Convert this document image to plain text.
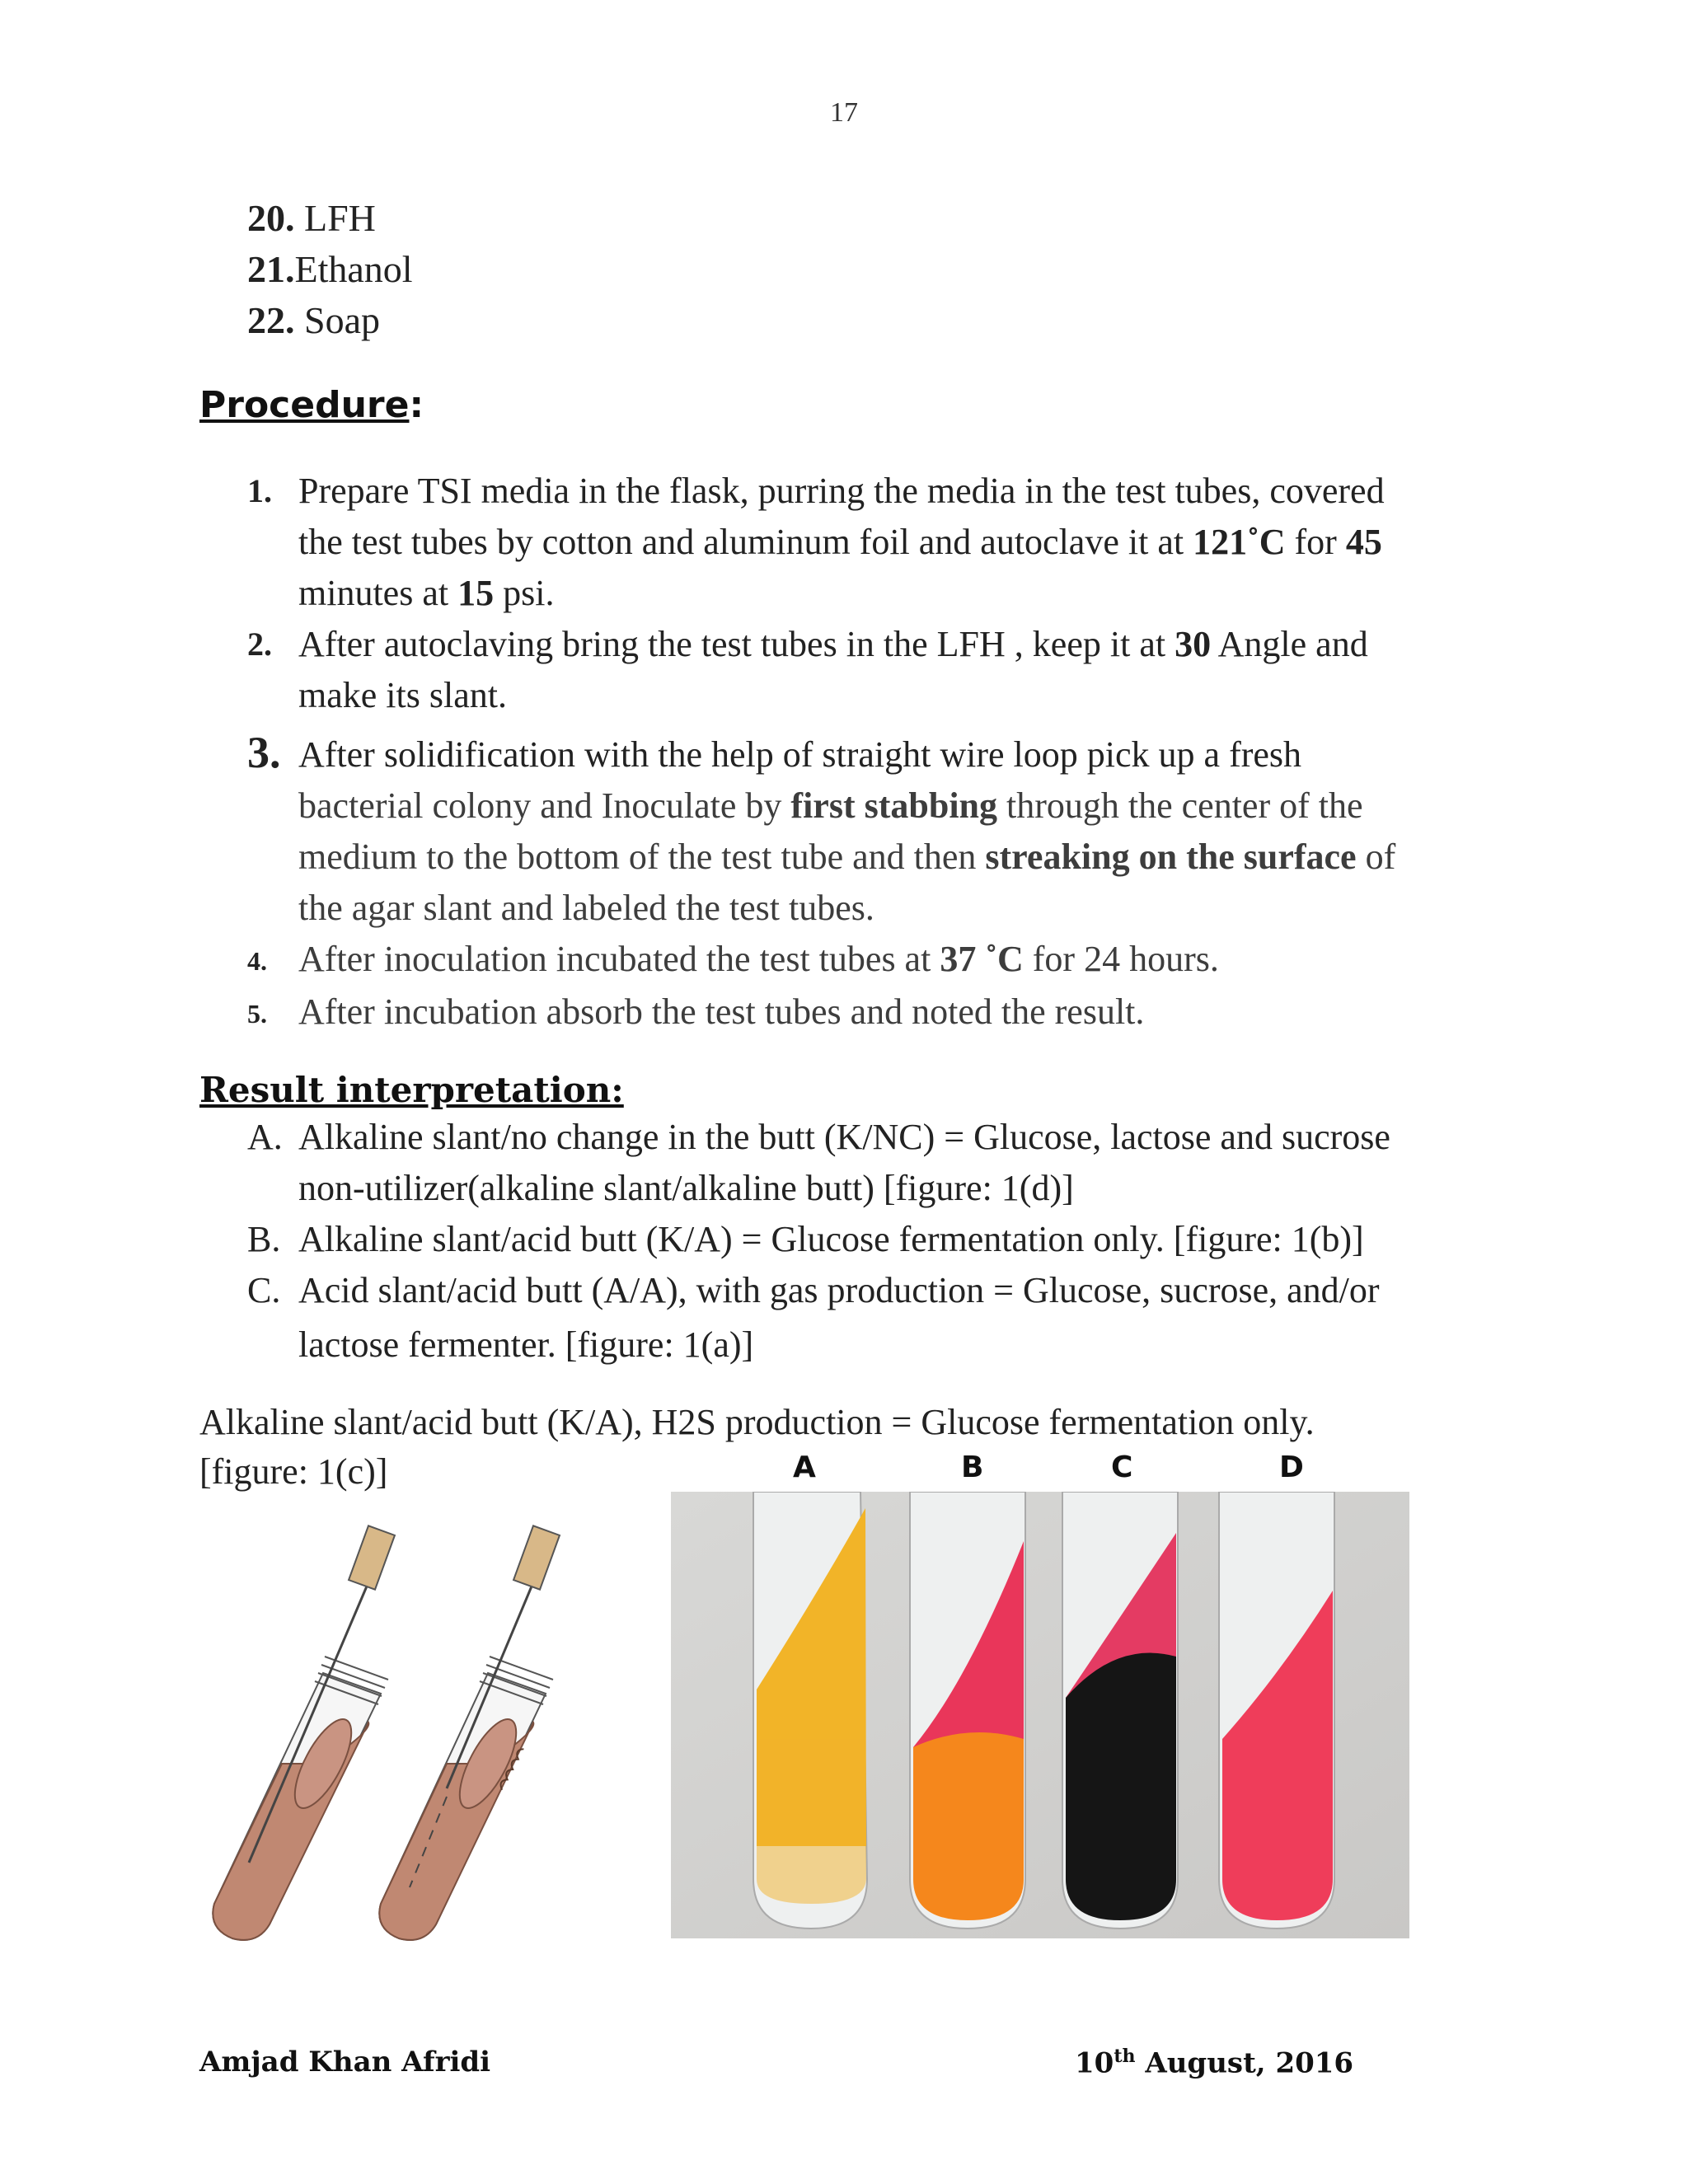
17
20. LFH
21.Ethanol
22. Soap
Procedure:
1. Prepare TSI media in the flask, purring the media in the test tubes, covered
the test tubes by cotton and aluminum foil and autoclave it at 121˚C for 45
minutes at 15 psi.
2. After autoclaving bring the test tubes in the LFH , keep it at 30 Angle and
make its slant.
3. After solidification with the help of straight wire loop pick up a fresh
bacterial colony and Inoculate by first stabbing through the center of the
medium to the bottom of the test tube and then streaking on the surface of
the agar slant and labeled the test tubes.
4. After inoculation incubated the test tubes at 37 ˚C for 24 hours.
5. After incubation absorb the test tubes and noted the result.
Result interpretation:
A. Alkaline slant/no change in the butt (K/NC) = Glucose, lactose and sucrose
non-utilizer(alkaline slant/alkaline butt) [figure: 1(d)]
B. Alkaline slant/acid butt (K/A) = Glucose fermentation only. [figure: 1(b)]
C. Acid slant/acid butt (A/A), with gas production = Glucose, sucrose, and/or
lactose fermenter. [figure: 1(a)]
Alkaline slant/acid butt (K/A), H2S production = Glucose fermentation only.
[figure: 1(c)]	A	B	C	D
Amjad Khan Afridi	10th August, 2016
